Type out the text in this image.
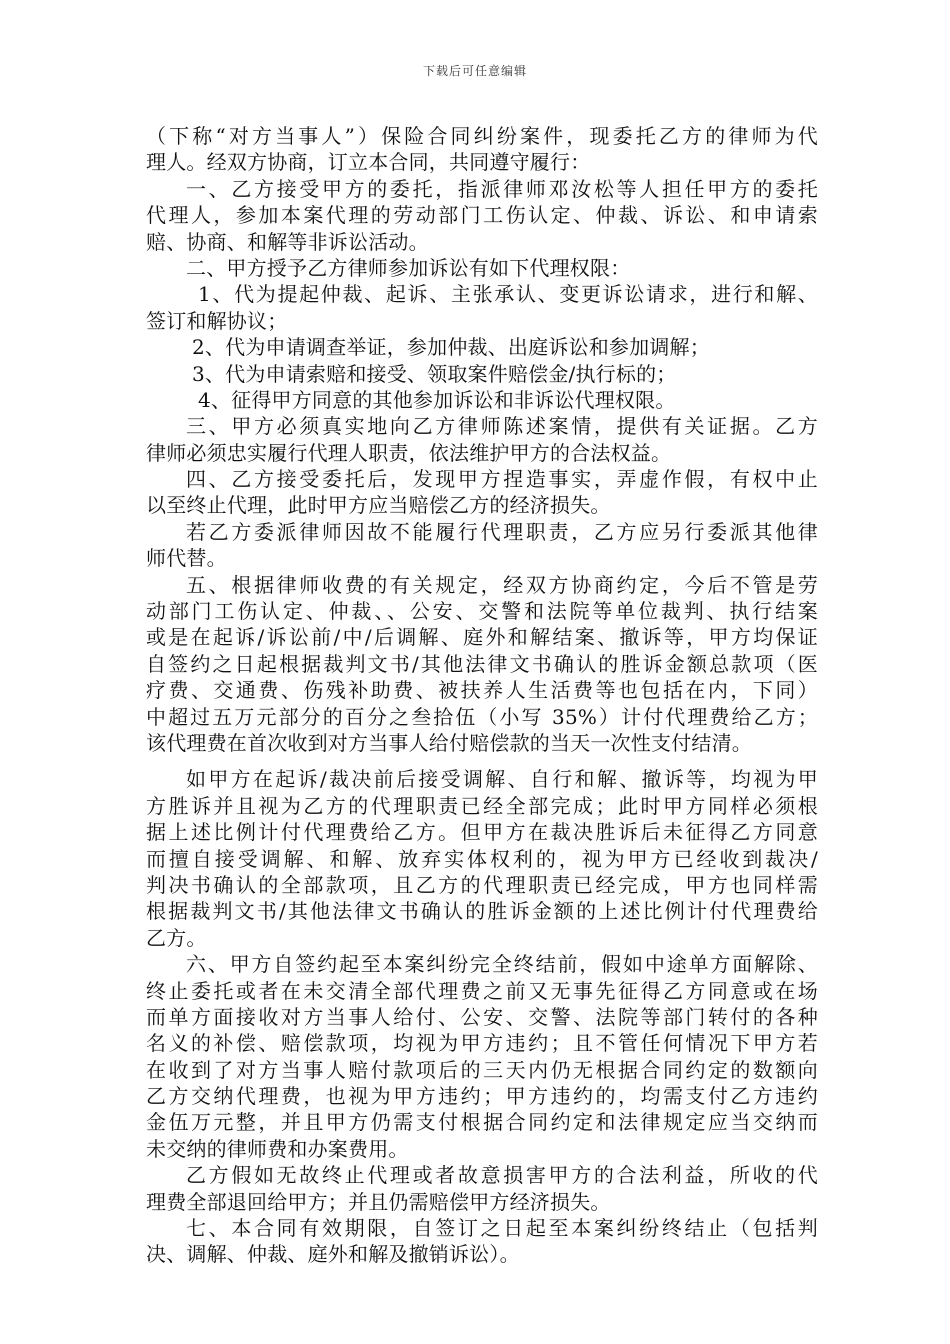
下载后可任意编辑
（下称“对方当事人”）保险合同纠纷案件，现委托乙方的律师为代
理人。经双方协商，订立本合同，共同遵守履行：
一、乙方接受甲方的委托，指派律师邓汝松等人担任甲方的委托
代理人，参加本案代理的劳动部门工伤认定、仲裁、诉讼、和申请索
赔、协商、和解等非诉讼活动。
二、甲方授予乙方律师参加诉讼有如下代理权限：
1、代为提起仲裁、起诉、主张承认、变更诉讼请求，进行和解、
签订和解协议；
2、代为申请调查举证，参加仲裁、出庭诉讼和参加调解；
3、代为申请索赔和接受、领取案件赔偿金/执行标的；
4、征得甲方同意的其他参加诉讼和非诉讼代理权限。
三、甲方必须真实地向乙方律师陈述案情，提供有关证据。乙方
律师必须忠实履行代理人职责，依法维护甲方的合法权益。
四、乙方接受委托后，发现甲方捏造事实，弄虚作假，有权中止
以至终止代理，此时甲方应当赔偿乙方的经济损失。
若乙方委派律师因故不能履行代理职责，乙方应另行委派其他律
师代替。
五、根据律师收费的有关规定，经双方协商约定，今后不管是劳
动部门工伤认定、仲裁、、公安、交警和法院等单位裁判、执行结案
或是在起诉/诉讼前/中/后调解、庭外和解结案、撤诉等，甲方均保证
自签约之日起根据裁判文书/其他法律文书确认的胜诉金额总款项（医
疗费、交通费、伤残补助费、被扶养人生活费等也包括在内，下同）
中超过五万元部分的百分之叁拾伍（小写 35%）计付代理费给乙方；
该代理费在首次收到对方当事人给付赔偿款的当天一次性支付结清。
如甲方在起诉/裁决前后接受调解、自行和解、撤诉等，均视为甲
方胜诉并且视为乙方的代理职责已经全部完成；此时甲方同样必须根
据上述比例计付代理费给乙方。但甲方在裁决胜诉后未征得乙方同意
而擅自接受调解、和解、放弃实体权利的，视为甲方已经收到裁决/
判决书确认的全部款项，且乙方的代理职责已经完成，甲方也同样需
根据裁判文书/其他法律文书确认的胜诉金额的上述比例计付代理费给
乙方。
六、甲方自签约起至本案纠纷完全终结前，假如中途单方面解除、
终止委托或者在未交清全部代理费之前又无事先征得乙方同意或在场
而单方面接收对方当事人给付、公安、交警、法院等部门转付的各种
名义的补偿、赔偿款项，均视为甲方违约；且不管任何情况下甲方若
在收到了对方当事人赔付款项后的三天内仍无根据合同约定的数额向
乙方交纳代理费，也视为甲方违约；甲方违约的，均需支付乙方违约
金伍万元整，并且甲方仍需支付根据合同约定和法律规定应当交纳而
未交纳的律师费和办案费用。
乙方假如无故终止代理或者故意损害甲方的合法利益，所收的代
理费全部退回给甲方；并且仍需赔偿甲方经济损失。
七、本合同有效期限，自签订之日起至本案纠纷终结止（包括判
决、调解、仲裁、庭外和解及撤销诉讼）。
